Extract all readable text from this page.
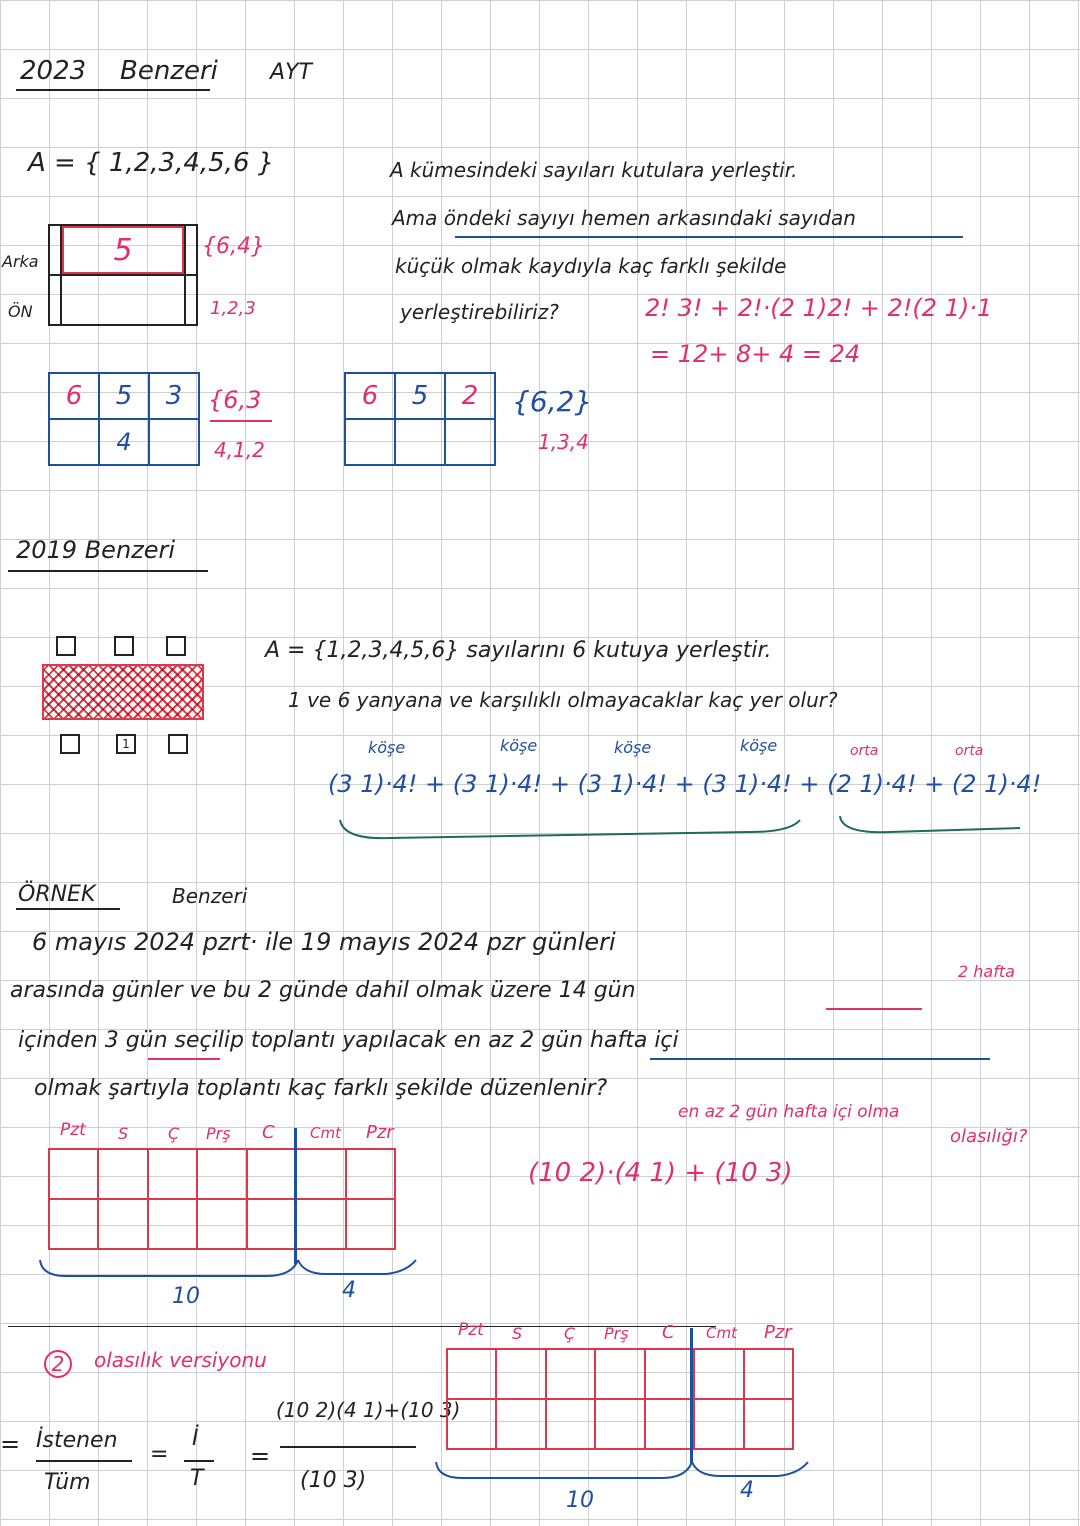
2023 Benzeri AYT
A = { 1,2,3,4,5,6 }	A kümesindeki sayıları kutulara yerleştir.
Ama öndeki sayıyı hemen arkasındaki sayıdan
küçük olmak kaydıyla kaç farklı şekilde
yerleştirebiliriz?	2! 3! + 2!·(2 1)2! + 2!(2 1)·1
= 12+ 8+ 4 = 24
Arka
ÖN
	5	
			{6,4}
1,2,3
6	5	3
	4	
{6,3
4,1,2
6	5	2
		{6,2}
1,3,4
2019 Benzeri
1
A = {1,2,3,4,5,6} sayılarını 6 kutuya yerleştir.
1 ve 6 yanyana ve karşılıklı olmayacaklar kaç yer olur?
köşe	köşe	köşe	köşe	orta	orta
(3 1)·4! + (3 1)·4! + (3 1)·4! + (3 1)·4! + (2 1)·4! + (2 1)·4!
ÖRNEK	Benzeri
6 mayıs 2024 pzrt· ile 19 mayıs 2024 pzr günleri
arasında günler ve bu 2 günde dahil olmak üzere 14 gün
2 hafta
içinden 3 gün seçilip toplantı yapılacak en az 2 gün hafta içi
olmak şartıyla toplantı kaç farklı şekilde düzenlenir?
en az 2 gün hafta içi olma
olasılığı?
Pzt S Ç Prş C Cmt Pzr

(10 2)·(4 1) + (10 3)
10	4
2	olasılık versiyonu
= İstenen
Tüm
=
İ
T
=
(10 2)(4 1)+(10 3)
(10 3)
Pzt S	Ç Prş C Cmt Pzr

10	4
